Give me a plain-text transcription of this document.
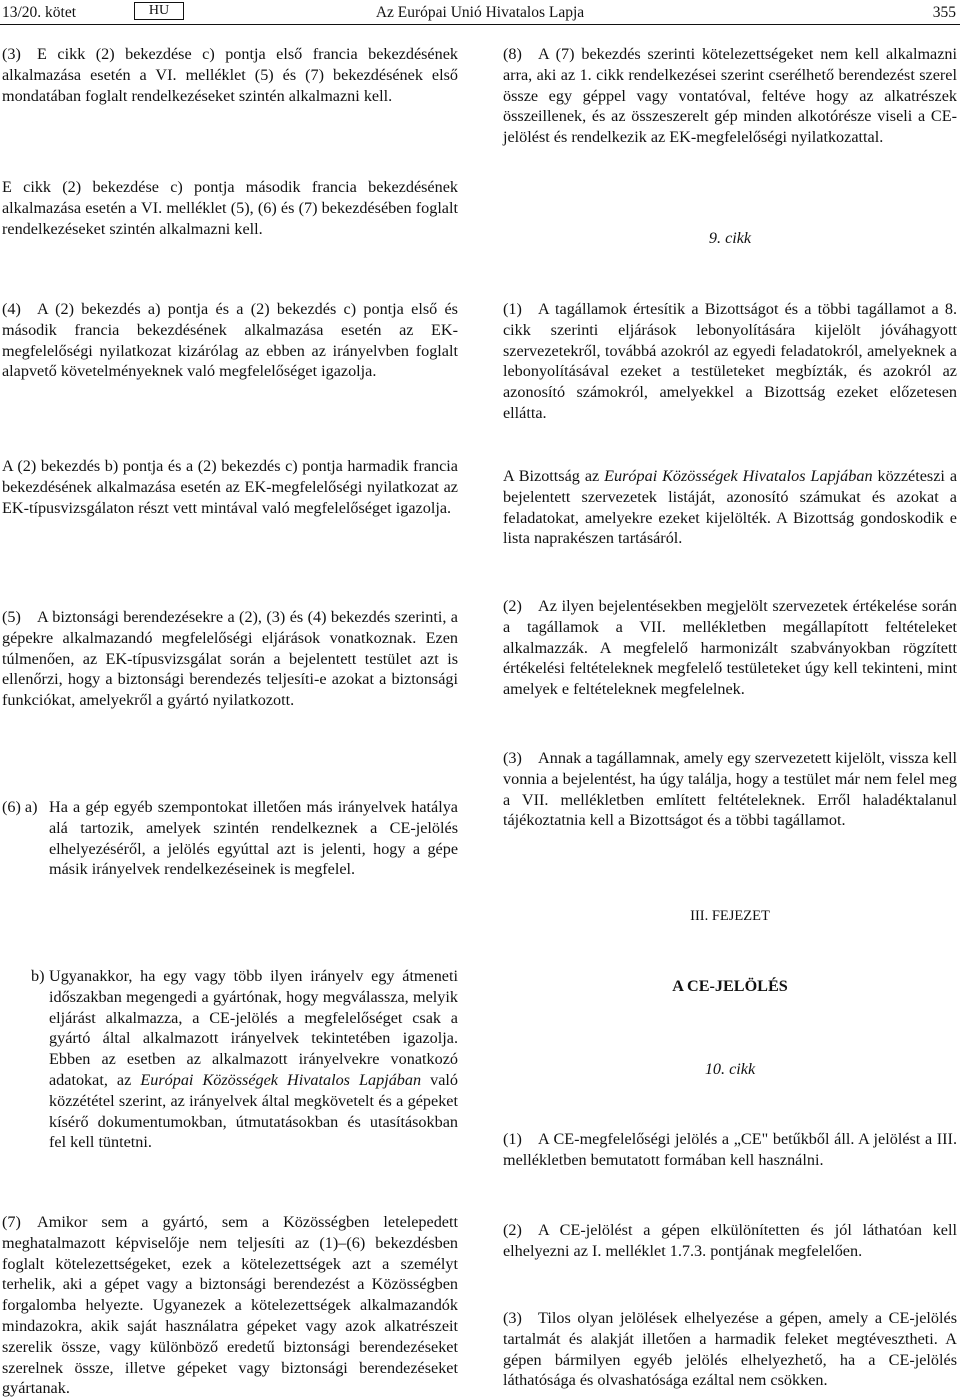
13/20. kötet	HU	Az Európai Unió Hivatalos Lapja	355

(3) E cikk (2) bekezdése c) pontja első francia bekezdésének alkalmazása esetén a VI. melléklet (5) és (7) bekezdésének első mondatában foglalt rendelkezéseket szintén alkalmazni kell.

E cikk (2) bekezdése c) pontja második francia bekezdésének alkalmazása esetén a VI. melléklet (5), (6) és (7) bekezdésében foglalt rendelkezéseket szintén alkalmazni kell.

(4) A (2) bekezdés a) pontja és a (2) bekezdés c) pontja első és második francia bekezdésének alkalmazása esetén az EK-megfelelőségi nyilatkozat kizárólag az ebben az irányelvben foglalt alapvető követelményeknek való megfelelőséget igazolja.

A (2) bekezdés b) pontja és a (2) bekezdés c) pontja harmadik francia bekezdésének alkalmazása esetén az EK-megfelelőségi nyilatkozat az EK-típusvizsgálaton részt vett mintával való megfelelőséget igazolja.

(5) A biztonsági berendezésekre a (2), (3) és (4) bekezdés szerinti, a gépekre alkalmazandó megfelelőségi eljárások vonatkoznak. Ezen túlmenően, az EK-típusvizsgálat során a bejelentett testület azt is ellenőrzi, hogy a biztonsági berendezés teljesíti-e azokat a biztonsági funkciókat, amelyekről a gyártó nyilatkozott.

(6) a) Ha a gép egyéb szempontokat illetően más irányelvek hatálya alá tartozik, amelyek szintén rendelkeznek a CE-jelölés elhelyezéséről, a jelölés egyúttal azt is jelenti, hogy a gépe másik irányelvek rendelkezéseinek is megfelel.
b) Ugyanakkor, ha egy vagy több ilyen irányelv egy átmeneti időszakban megengedi a gyártónak, hogy megválassza, melyik eljárást alkalmazza, a CE-jelölés a megfelelőséget csak a gyártó által alkalmazott irányelvek tekintetében igazolja. Ebben az esetben az alkalmazott irányelvekre vonatkozó adatokat, az Európai Közösségek Hivatalos Lapjában való közzététel szerint, az irányelvek által megkövetelt és a gépeket kísérő dokumentumokban, útmutatásokban és utasításokban fel kell tüntetni.

(7) Amikor sem a gyártó, sem a Közösségben letelepedett meghatalmazott képviselője nem teljesíti az (1)–(6) bekezdésben foglalt kötelezettségeket, ezek a kötelezettségek azt a személyt terhelik, aki a gépet vagy a biztonsági berendezést a Közösségben forgalomba helyezte. Ugyanezek a kötelezettségek alkalmazandók mindazokra, akik saját használatra gépeket vagy azok alkatrészeit szerelik össze, vagy különböző eredetű biztonsági berendezéseket szerelnek össze, illetve gépeket vagy biztonsági berendezéseket gyártanak.

(8) A (7) bekezdés szerinti kötelezettségeket nem kell alkalmazni arra, aki az 1. cikk rendelkezései szerint cserélhető berendezést szerel össze egy géppel vagy vontatóval, feltéve hogy az alkatrészek összeillenek, és az összeszerelt gép minden alkotórésze viseli a CE-jelölést és rendelkezik az EK-megfelelőségi nyilatkozattal.

9. cikk

(1) A tagállamok értesítik a Bizottságot és a többi tagállamot a 8. cikk szerinti eljárások lebonyolítására kijelölt jóváhagyott szervezetekről, továbbá azokról az egyedi feladatokról, amelyeknek a lebonyolításával ezeket a testületeket megbízták, és azokról az azonosító számokról, amelyekkel a Bizottság ezeket előzetesen ellátta.

A Bizottság az Európai Közösségek Hivatalos Lapjában közzéteszi a bejelentett szervezetek listáját, azonosító számukat és azokat a feladatokat, amelyekre ezeket kijelölték. A Bizottság gondoskodik e lista naprakészen tartásáról.

(2) Az ilyen bejelentésekben megjelölt szervezetek értékelése során a tagállamok a VII. mellékletben megállapított feltételeket alkalmazzák. A megfelelő harmonizált szabványokban rögzített értékelési feltételeknek megfelelő testületeket úgy kell tekinteni, mint amelyek e feltételeknek megfelelnek.

(3) Annak a tagállamnak, amely egy szervezetett kijelölt, vissza kell vonnia a bejelentést, ha úgy találja, hogy a testület már nem felel meg a VII. mellékletben említett feltételeknek. Erről haladéktalanul tájékoztatnia kell a Bizottságot és a többi tagállamot.

III. FEJEZET

A CE-JELÖLÉS

10. cikk

(1) A CE-megfelelőségi jelölés a „CE" betűkből áll. A jelölést a III. mellékletben bemutatott formában kell használni.

(2) A CE-jelölést a gépen elkülönítetten és jól láthatóan kell elhelyezni az I. melléklet 1.7.3. pontjának megfelelően.

(3) Tilos olyan jelölések elhelyezése a gépen, amely a CE-jelölés tartalmát és alakját illetően a harmadik feleket megtévesztheti. A gépen bármilyen egyéb jelölés elhelyezhető, ha a CE-jelölés láthatósága és olvashatósága ezáltal nem csökken.
